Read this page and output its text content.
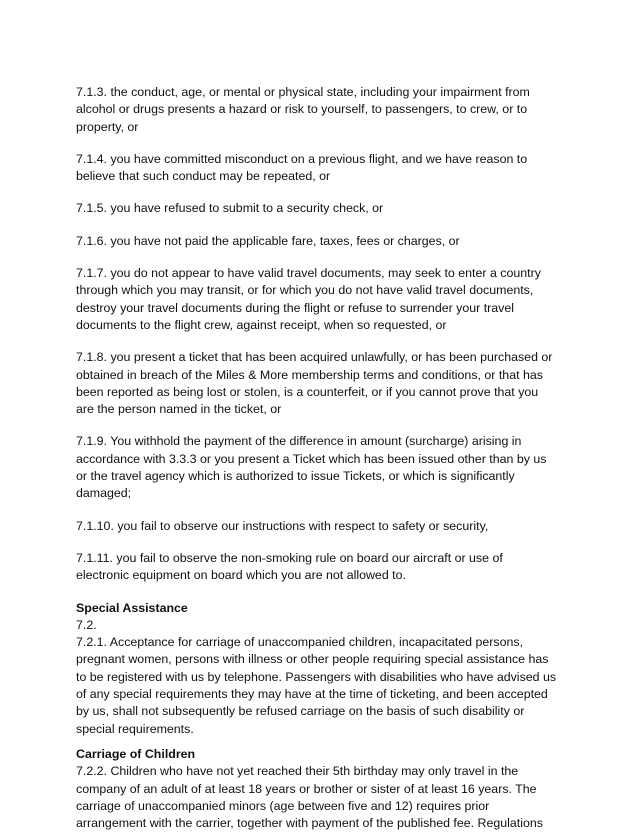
7.1.3. the conduct, age, or mental or physical state, including your impairment from
alcohol or drugs presents a hazard or risk to yourself, to passengers, to crew, or to
property, or
7.1.4. you have committed misconduct on a previous flight, and we have reason to
believe that such conduct may be repeated, or
7.1.5. you have refused to submit to a security check, or
7.1.6. you have not paid the applicable fare, taxes, fees or charges, or
7.1.7. you do not appear to have valid travel documents, may seek to enter a country
through which you may transit, or for which you do not have valid travel documents,
destroy your travel documents during the flight or refuse to surrender your travel
documents to the flight crew, against receipt, when so requested, or
7.1.8. you present a ticket that has been acquired unlawfully, or has been purchased or
obtained in breach of the Miles & More membership terms and conditions, or that has
been reported as being lost or stolen, is a counterfeit, or if you cannot prove that you
are the person named in the ticket, or
7.1.9. You withhold the payment of the difference in amount (surcharge) arising in
accordance with 3.3.3 or you present a Ticket which has been issued other than by us
or the travel agency which is authorized to issue Tickets, or which is significantly
damaged;
7.1.10. you fail to observe our instructions with respect to safety or security,
7.1.11. you fail to observe the non-smoking rule on board our aircraft or use of
electronic equipment on board which you are not allowed to.
Special Assistance
7.2.
7.2.1. Acceptance for carriage of unaccompanied children, incapacitated persons,
pregnant women, persons with illness or other people requiring special assistance has
to be registered with us by telephone. Passengers with disabilities who have advised us
of any special requirements they may have at the time of ticketing, and been accepted
by us, shall not subsequently be refused carriage on the basis of such disability or
special requirements.
Carriage of Children
7.2.2. Children who have not yet reached their 5th birthday may only travel in the
company of an adult of at least 18 years or brother or sister of at least 16 years. The
carriage of unaccompanied minors (age between five and 12) requires prior
arrangement with the carrier, together with payment of the published fee. Regulations
